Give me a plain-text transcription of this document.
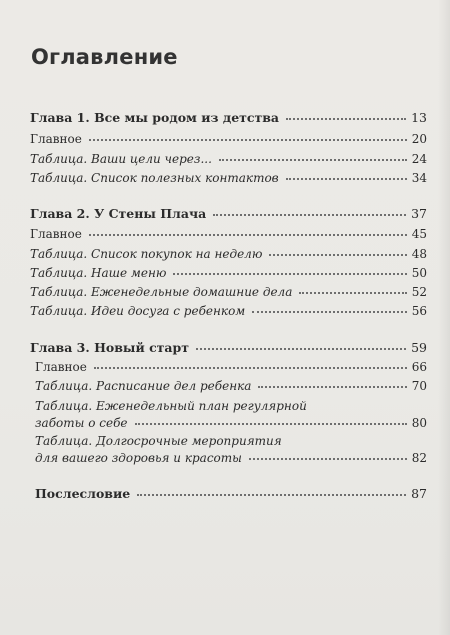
Оглавление
Глава 1. Все мы родом из детства	13
Главное	20
Таблица. Ваши цели через...	24
Таблица. Список полезных контактов	34
Глава 2. У Стены Плача	37
Главное	45
Таблица. Список покупок на неделю	48
Таблица. Наше меню	50
Таблица. Еженедельные домашние дела	52
Таблица. Идеи досуга с ребенком	56
Глава 3. Новый старт	59
Главное	66
Таблица. Расписание дел ребенка	70
Таблица. Еженедельный план регулярной
заботы о себе	80
Таблица. Долгосрочные мероприятия
для вашего здоровья и красоты	82
Послесловие	87
